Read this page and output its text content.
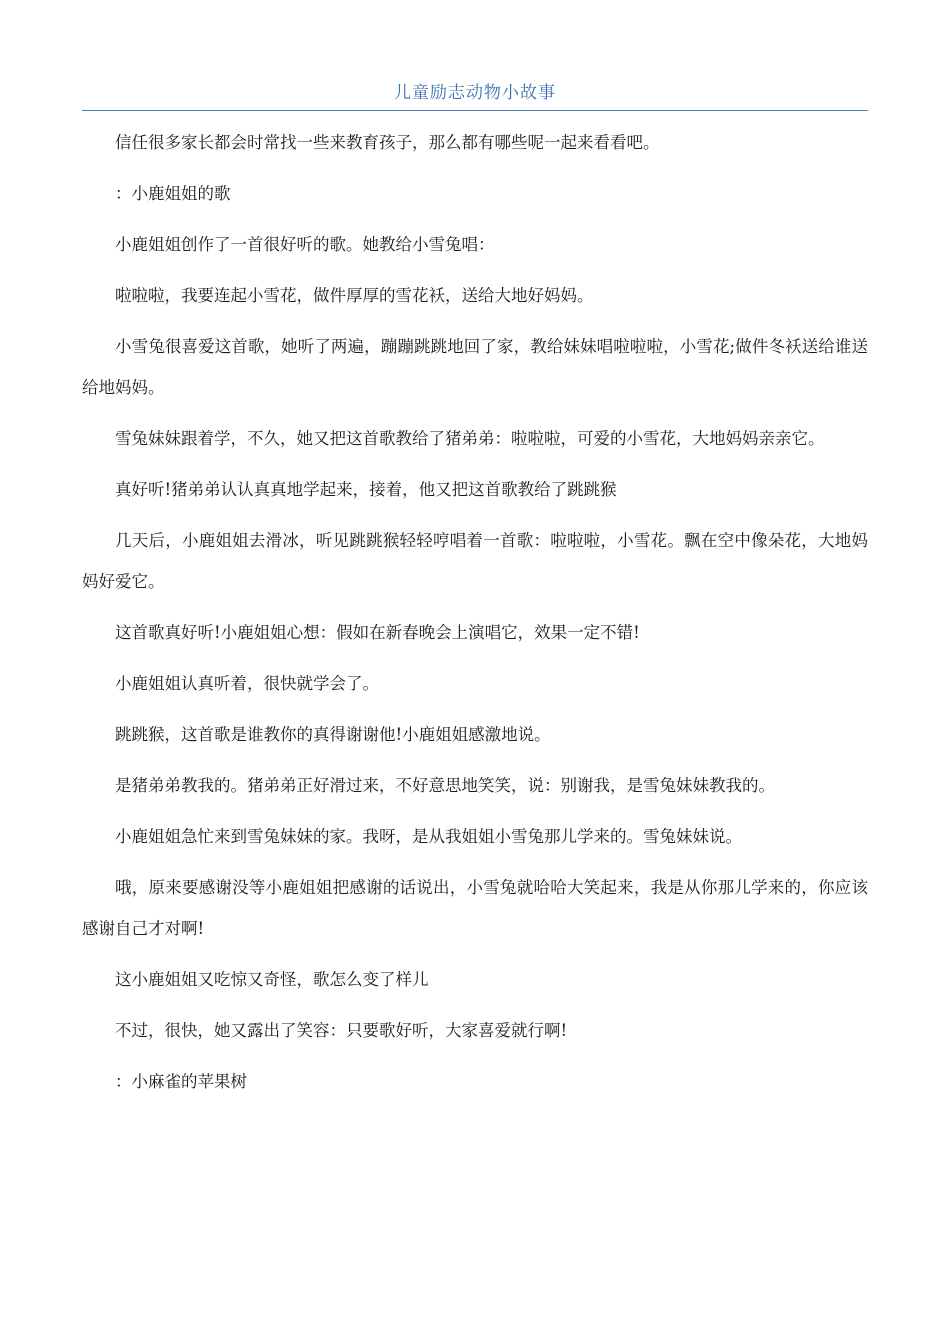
儿童励志动物小故事

信任很多家长都会时常找一些来教育孩子，那么都有哪些呢一起来看看吧。

：小鹿姐姐的歌

小鹿姐姐创作了一首很好听的歌。她教给小雪兔唱：

啦啦啦，我要连起小雪花，做件厚厚的雪花袄，送给大地好妈妈。

小雪兔很喜爱这首歌，她听了两遍，蹦蹦跳跳地回了家，教给妹妹唱啦啦啦，小雪花;做件冬袄送给谁送给地妈妈。

雪兔妹妹跟着学，不久，她又把这首歌教给了猪弟弟：啦啦啦，可爱的小雪花，大地妈妈亲亲它。

真好听!猪弟弟认认真真地学起来，接着，他又把这首歌教给了跳跳猴

几天后，小鹿姐姐去滑冰，听见跳跳猴轻轻哼唱着一首歌：啦啦啦，小雪花。飘在空中像朵花，大地妈妈好爱它。

这首歌真好听!小鹿姐姐心想：假如在新春晚会上演唱它，效果一定不错!

小鹿姐姐认真听着，很快就学会了。

跳跳猴，这首歌是谁教你的真得谢谢他!小鹿姐姐感激地说。

是猪弟弟教我的。猪弟弟正好滑过来，不好意思地笑笑，说：别谢我，是雪兔妹妹教我的。

小鹿姐姐急忙来到雪兔妹妹的家。我呀，是从我姐姐小雪兔那儿学来的。雪兔妹妹说。

哦，原来要感谢没等小鹿姐姐把感谢的话说出，小雪兔就哈哈大笑起来，我是从你那儿学来的，你应该感谢自己才对啊!

这小鹿姐姐又吃惊又奇怪，歌怎么变了样儿

不过，很快，她又露出了笑容：只要歌好听，大家喜爱就行啊!

：小麻雀的苹果树
